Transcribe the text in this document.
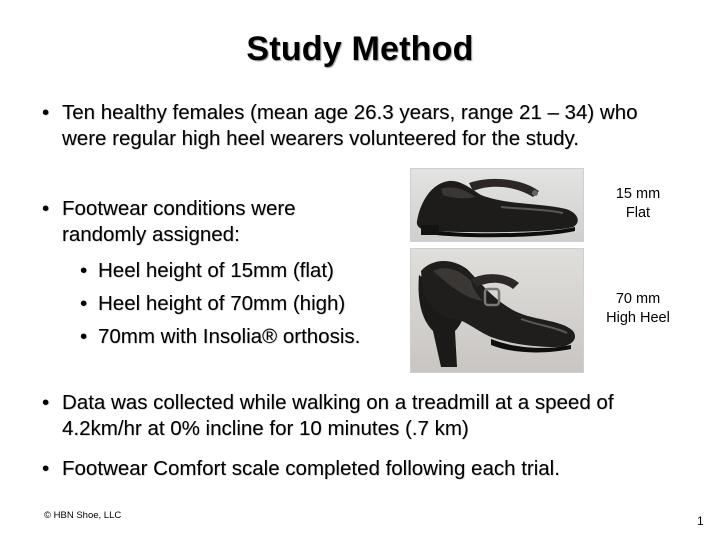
Study Method
• Ten healthy females (mean age 26.3 years, range 21 – 34) who were regular high heel wearers volunteered for the study.
• Footwear conditions were randomly assigned:
• Heel height of 15mm (flat)
• Heel height of 70mm (high)
• 70mm with Insolia® orthosis.
• Data was collected while walking on a treadmill at a speed of 4.2km/hr at 0% incline for 10 minutes (.7 km)
• Footwear Comfort scale completed following each trial.
15 mm
Flat
70 mm
High Heel
© HBN Shoe, LLC	1
